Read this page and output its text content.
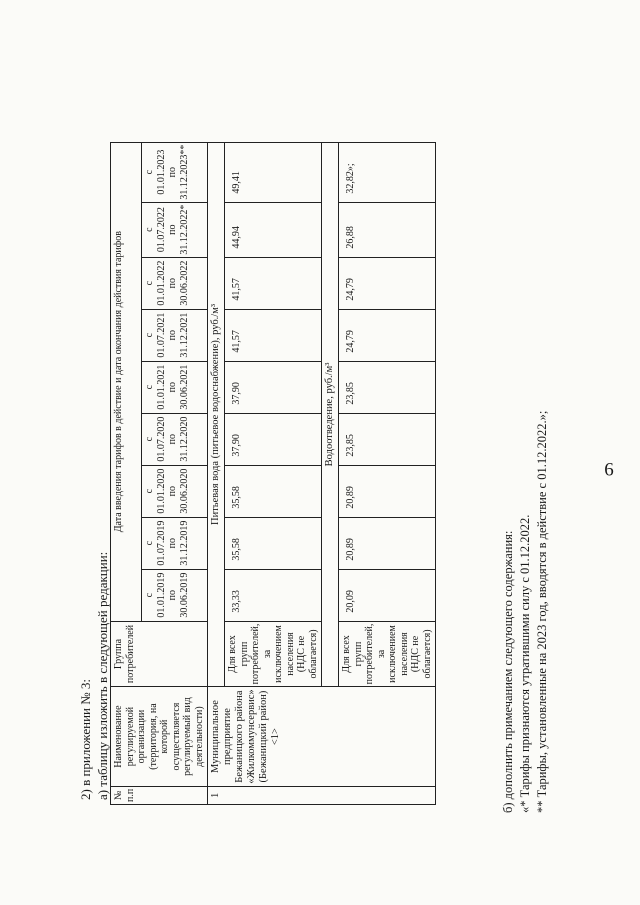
6
2) в приложении № 3: а) таблицу изложить в следующей редакции: № п.п	Наименование регулируемой организации (территория, на которой осуществляется регулируемый вид деятельности)	Группа потребителей	Дата введения тарифов в действие и дата окончания действия тарифов								
			с
01.01.2019
по
30.06.2019	с
01.07.2019
по
31.12.2019	с
01.01.2020
по
30.06.2020	с
01.07.2020
по
31.12.2020	с
01.01.2021
по
30.06.2021	с
01.07.2021
по
31.12.2021	с
01.01.2022
по
30.06.2022	с
01.07.2022
по
31.12.2022*	с
01.01.2023
по
31.12.2023**
1	Муниципальное предприятие Бежаницкого района «Жилкоммунсервис» (Бежаницкий район) <1>	Питьевая вода (питьевое водоснабжение), руб./м³									
		Для всех групп потребителей, за исключением населения (НДС не облагается)	33,33	35,58	35,58	37,90	37,90	41,57	41,57	44,94	49,41
		Водоотведение, руб./м³									
		Для всех групп потребителей, за исключением населения (НДС не облагается)	20,09	20,89	20,89	23,85	23,85	24,79	24,79	26,88	32,82»;
б) дополнить примечанием следующего содержания: «* Тарифы признаются утратившими силу с 01.12.2022. ** Тарифы, установленные на 2023 год, вводятся в действие с 01.12.2022.»;
